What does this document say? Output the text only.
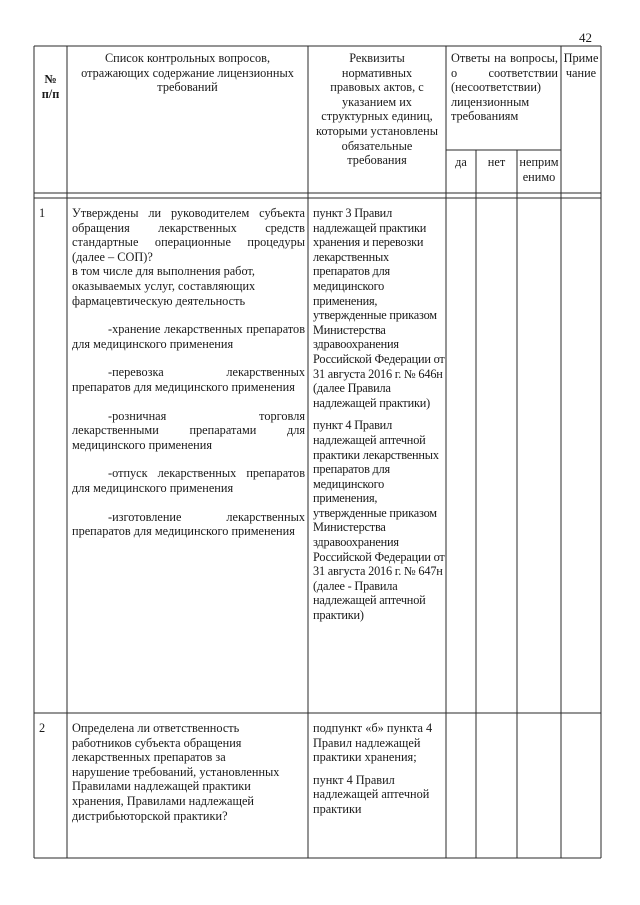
42
№
п/п
Список контрольных вопросов, отражающих содержание лицензионных требований
Реквизиты нормативных правовых актов, с указанием их структурных единиц, которыми установлены обязательные требования
Ответы на вопросы, о соответствии (несоответствии) лицензионным требованиям
да	нет	неприм енимо
Приме чание
1 Утверждены ли руководителем субъекта обращения лекарственных средств стандартные операционные процедуры (далее – СОП)?

в том числе для выполнения работ, оказываемых услуг, составляющих фармацевтическую деятельность

-хранение лекарственных препаратов для медицинского применения

-перевозка лекарственных препаратов для медицинского применения

-розничная торговля лекарственными препаратами для медицинского применения

-отпуск лекарственных препаратов для медицинского применения

-изготовление лекарственных препаратов для медицинского применения

пункт 3 Правил надлежащей практики хранения и перевозки лекарственных препаратов для медицинского применения, утвержденные приказом Министерства здравоохранения Российской Федерации от 31 августа 2016 г. № 646н (далее Правила надлежащей практики)

пункт 4 Правил надлежащей аптечной практики лекарственных препаратов для медицинского применения, утвержденные приказом Министерства здравоохранения Российской Федерации от 31 августа 2016 г. № 647н (далее - Правила надлежащей аптечной практики)

2 Определена ли ответственность работников субъекта обращения лекарственных препаратов за нарушение требований, установленных Правилами надлежащей практики хранения, Правилами надлежащей дистрибьюторской практики?

подпункт «б» пункта 4 Правил надлежащей практики хранения;

пункт 4 Правил надлежащей аптечной практики
